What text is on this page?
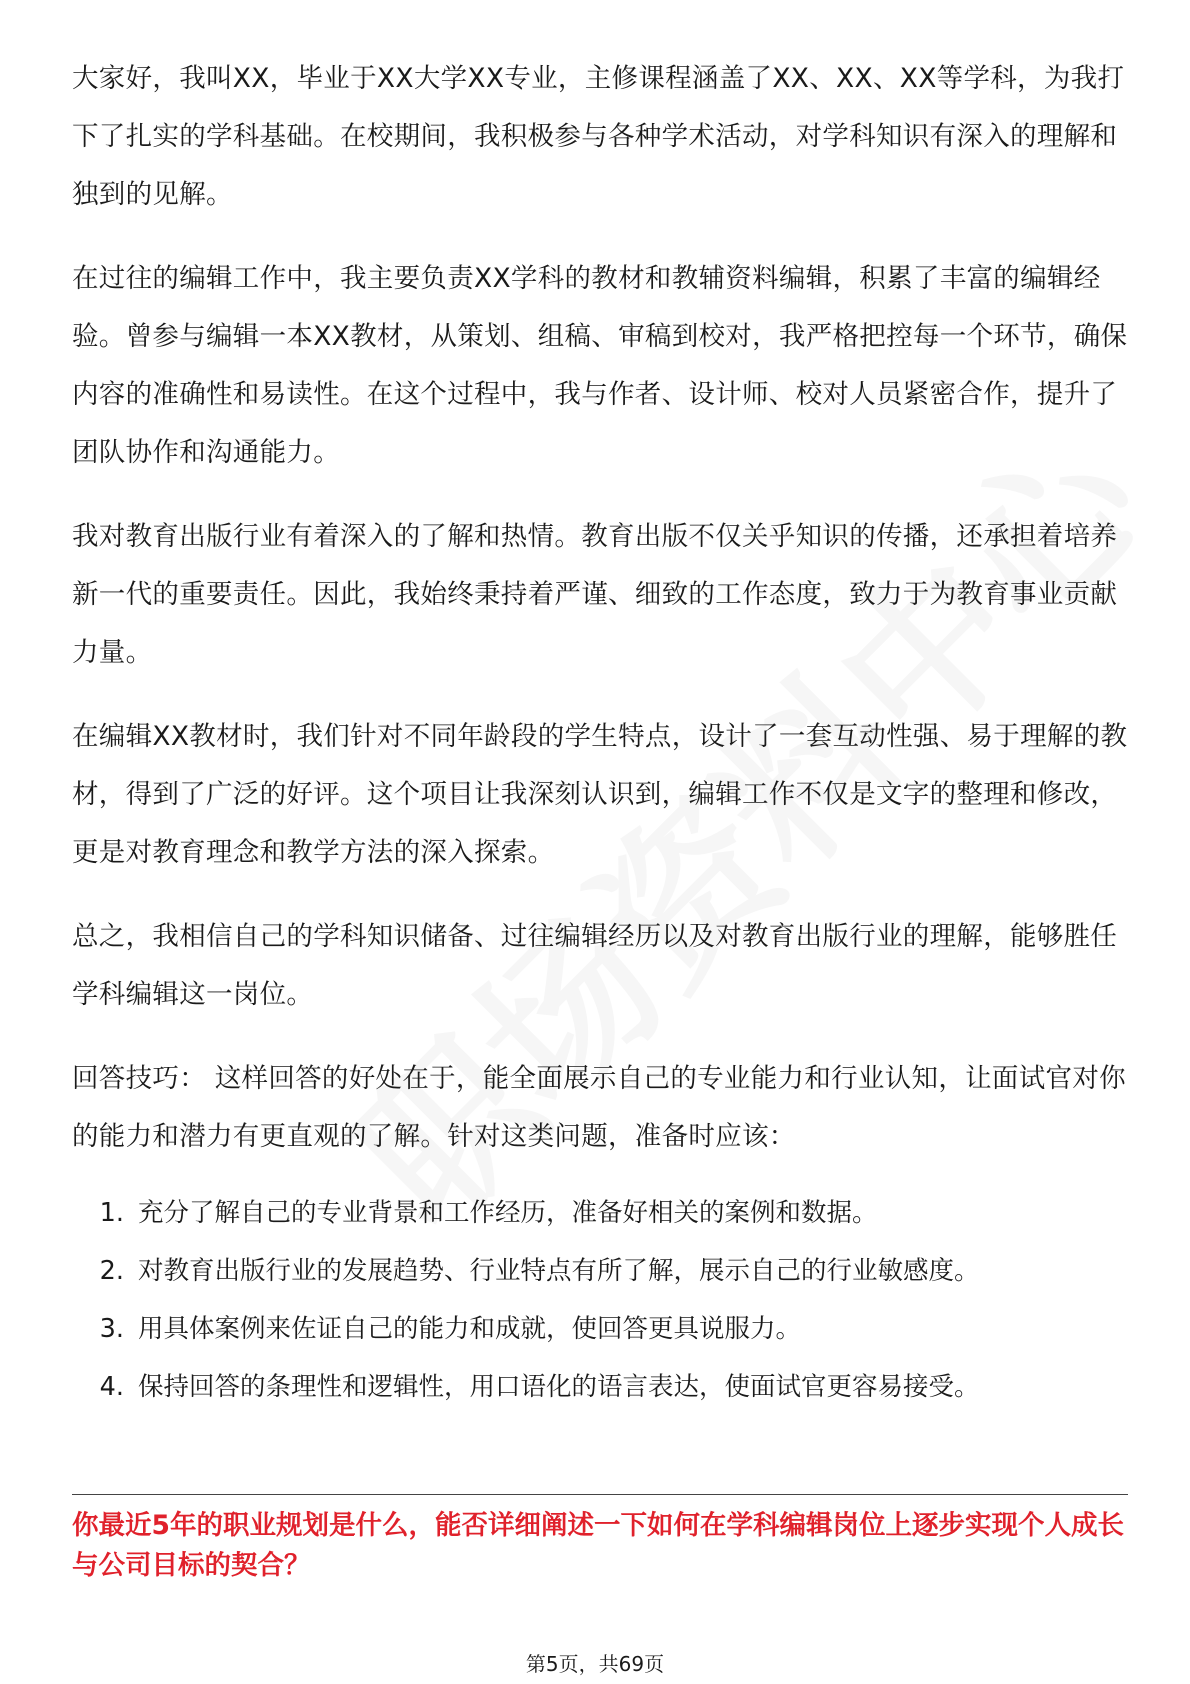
大家好，我叫XX，毕业于XX大学XX专业，主修课程涵盖了XX、XX、XX等学科，为我打下了扎实的学科基础。在校期间，我积极参与各种学术活动，对学科知识有深入的理解和独到的见解。

在过往的编辑工作中，我主要负责XX学科的教材和教辅资料编辑，积累了丰富的编辑经验。曾参与编辑一本XX教材，从策划、组稿、审稿到校对，我严格把控每一个环节，确保内容的准确性和易读性。在这个过程中，我与作者、设计师、校对人员紧密合作，提升了团队协作和沟通能力。

我对教育出版行业有着深入的了解和热情。教育出版不仅关乎知识的传播，还承担着培养新一代的重要责任。因此，我始终秉持着严谨、细致的工作态度，致力于为教育事业贡献力量。

在编辑XX教材时，我们针对不同年龄段的学生特点，设计了一套互动性强、易于理解的教材，得到了广泛的好评。这个项目让我深刻认识到，编辑工作不仅是文字的整理和修改，更是对教育理念和教学方法的深入探索。

总之，我相信自己的学科知识储备、过往编辑经历以及对教育出版行业的理解，能够胜任学科编辑这一岗位。

回答技巧： 这样回答的好处在于，能全面展示自己的专业能力和行业认知，让面试官对你的能力和潜力有更直观的了解。针对这类问题，准备时应该：

1. 充分了解自己的专业背景和工作经历，准备好相关的案例和数据。
2. 对教育出版行业的发展趋势、行业特点有所了解，展示自己的行业敏感度。
3. 用具体案例来佐证自己的能力和成就，使回答更具说服力。
4. 保持回答的条理性和逻辑性，用口语化的语言表达，使面试官更容易接受。

你最近5年的职业规划是什么，能否详细阐述一下如何在学科编辑岗位上逐步实现个人成长与公司目标的契合？

第5页，共69页
